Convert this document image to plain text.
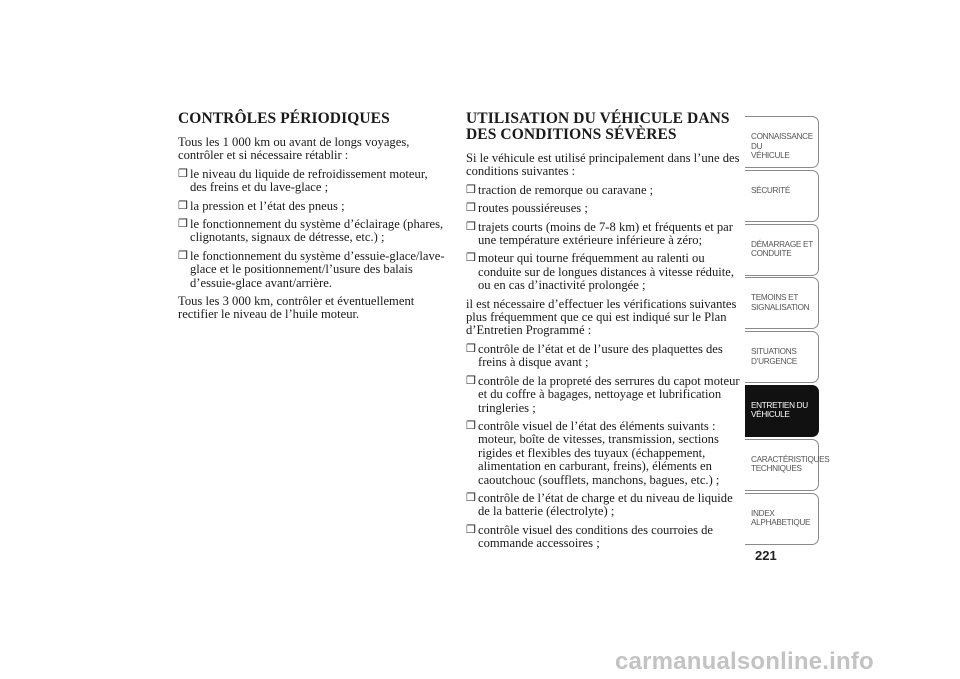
CONTRÔLES PÉRIODIQUES

Tous les 1 000 km ou avant de longs voyages, contrôler et si nécessaire rétablir :

❒ le niveau du liquide de refroidissement moteur, des freins et du lave-glace ;
❒ la pression et l’état des pneus ;
❒ le fonctionnement du système d’éclairage (phares, clignotants, signaux de détresse, etc.) ;
❒ le fonctionnement du système d’essuie-glace/lave-glace et le positionnement/l’usure des balais d’essuie-glace avant/arrière.

Tous les 3 000 km, contrôler et éventuellement rectifier le niveau de l’huile moteur.

UTILISATION DU VÉHICULE DANS DES CONDITIONS SÉVÈRES

Si le véhicule est utilisé principalement dans l’une des conditions suivantes :

❒ traction de remorque ou caravane ;
❒ routes poussiéreuses ;
❒ trajets courts (moins de 7-8 km) et fréquents et par une température extérieure inférieure à zéro;
❒ moteur qui tourne fréquemment au ralenti ou conduite sur de longues distances à vitesse réduite, ou en cas d’inactivité prolongée ;

il est nécessaire d’effectuer les vérifications suivantes plus fréquemment que ce qui est indiqué sur le Plan d’Entretien Programmé :

❒ contrôle de l’état et de l’usure des plaquettes des freins à disque avant ;
❒ contrôle de la propreté des serrures du capot moteur et du coffre à bagages, nettoyage et lubrification tringleries ;
❒ contrôle visuel de l’état des éléments suivants : moteur, boîte de vitesses, transmission, sections rigides et flexibles des tuyaux (échappement, alimentation en carburant, freins), éléments en caoutchouc (soufflets, manchons, bagues, etc.) ;
❒ contrôle de l’état de charge et du niveau de liquide de la batterie (électrolyte) ;
❒ contrôle visuel des conditions des courroies de commande accessoires ;
CONNAISSANCE DU
VÉHICULE
SÉCURITÉ
DÉMARRAGE ET
CONDUITE
TEMOINS ET
SIGNALISATION
SITUATIONS
D’URGENCE
ENTRETIEN DU
VÉHICULE
CARACTÉRISTIQUES
TECHNIQUES
INDEX
ALPHABETIQUE
221
carmanualsonline.info
